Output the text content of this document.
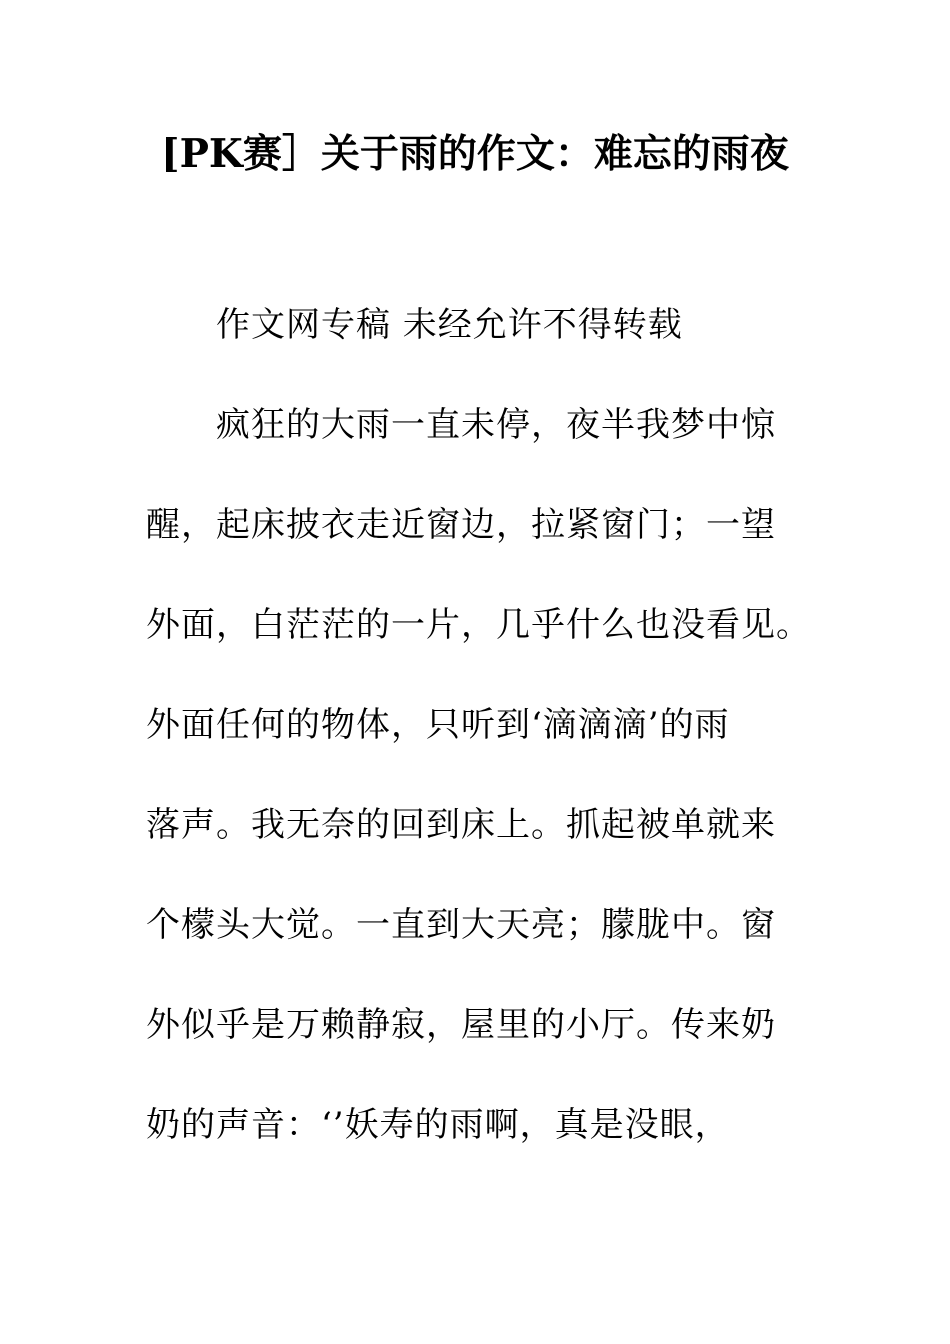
[PK赛］关于雨的作文：难忘的雨夜
作文网专稿 未经允许不得转载
疯狂的大雨一直未停，夜半我梦中惊
醒，起床披衣走近窗边，拉紧窗门；一望
外面，白茫茫的一片，几乎什么也没看见。
外面任何的物体，只听到‘滴滴滴’的雨
落声。我无奈的回到床上。抓起被单就来
个檬头大觉。一直到大天亮；朦胧中。窗
外似乎是万赖静寂，屋里的小厅。传来奶
奶的声音：‘’妖寿的雨啊，真是没眼，
